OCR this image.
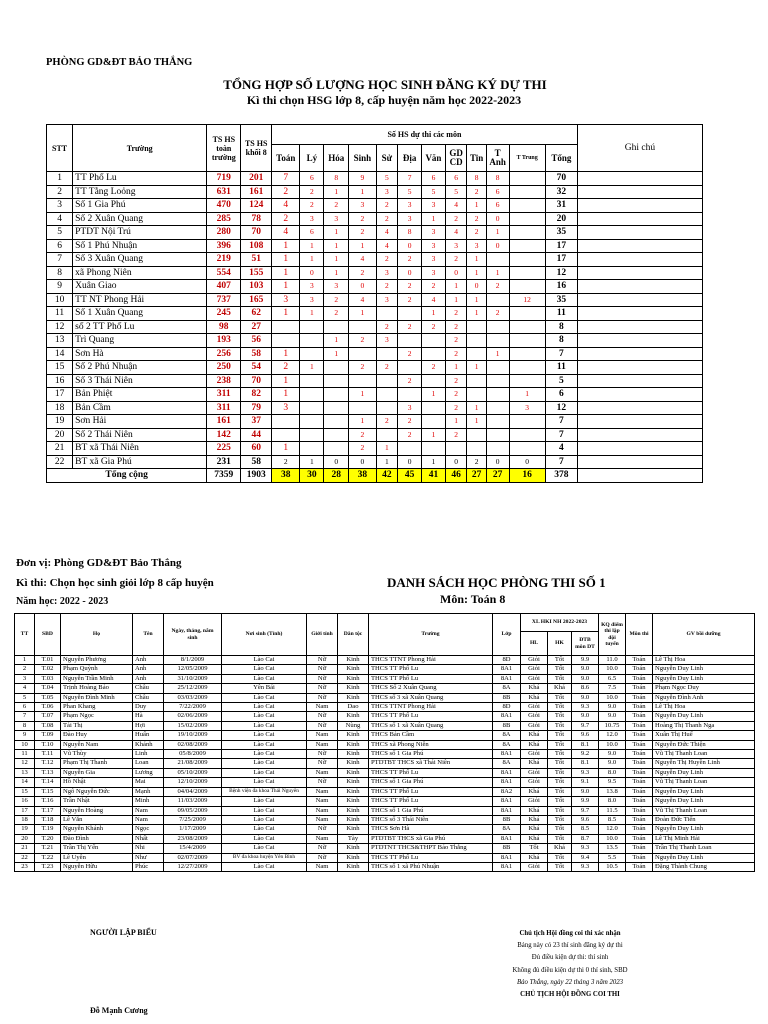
PHÒNG GD&ĐT BẢO THẮNG
TỔNG HỢP SỐ LƯỢNG HỌC SINH ĐĂNG KÝ DỰ THI
Kì thi chọn HSG lớp 8, cấp huyện năm học 2022-2023
STT	Trường	TS HS toàn trường	TS HS khối 8	Số HS dự thi các môn												Ghi chú
				Toán	Lý	Hóa	Sinh	Sử	Địa	Văn	GD CD	Tin	T Anh	T Trung	Tổng	
1	TT Phố Lu	719	201	7	6	8	9	5	7	6	6	8	8		70	
2	TT Tằng Loỏng	631	161	2	2	1	1	3	5	5	5	2	6		32	
3	Số 1 Gia Phú	470	124	4	2	2	3	2	3	3	4	1	6		31	
4	Số 2 Xuân Quang	285	78	2	3	3	2	2	3	1	2	2	0		20	
5	PTDT Nội Trú	280	70	4	6	1	2	4	8	3	4	2	1		35	
6	Số 1 Phú Nhuận	396	108	1	1	1	1	4	0	3	3	3	0		17	
7	Số 3 Xuân Quang	219	51	1	1	1	4	2	2	3	2	1			17	
8	xã Phong Niên	554	155	1	0	1	2	3	0	3	0	1	1		12	
9	Xuân Giao	407	103	1	3	3	0	2	2	2	1	0	2		16	
10	TT NT Phong Hải	737	165	3	3	2	4	3	2	4	1	1		12	35	
11	Số 1 Xuân Quang	245	62	1	1	2	1			1	2	1	2		11	
12	số 2 TT Phố Lu	98	27					2	2	2	2				8	
13	Trì Quang	193	56			1	2	3			2				8	
14	Sơn Hà	256	58	1		1			2		2		1		7	
15	Số 2 Phú Nhuận	250	54	2	1		2	2		2	1	1			11	
16	Số 3 Thái Niên	238	70	1					2		2				5	
17	Bản Phiệt	311	82	1			1			1	2			1	6	
18	Bản Cầm	311	79	3					3		2	1		3	12	
19	Sơn Hải	161	37				1	2	2		1	1			7	
20	Số 2 Thái Niên	142	44				2		2	1	2				7	
21	BT xã Thái Niên	225	60	1			2	1							4	
22	BT xã Gia Phú	231	58	2	1	0	0	1	0	1	0	2	0	0	7	
Tổng cộng		7359	1903	38	30	28	38	42	45	41	46	27	27	16	378	
Đơn vị: Phòng GD&ĐT Bảo Thắng
Kì thi: Chọn học sinh giỏi lớp 8 cấp huyện
Năm học: 2022 - 2023
DANH SÁCH HỌC PHÒNG THI SỐ 1
Môn: Toán 8
TT	SBD	Họ	Tên	Ngày, tháng, năm sinh	Nơi sinh (Tỉnh)	Giới tính	Dân tộc	Trường	Lớp	XL HKI NH 2022-2023			KQ điểm thi lập đội tuyển	Môn thi	GV bồi dưỡng
										HL	HK	ĐTB môn DT			
1	T.01	Nguyễn Phương	Anh	8/1/2009	Lào Cai	Nữ	Kinh	THCS TTNT Phong Hải	8D	Giỏi	Tốt	9.9	11.0	Toán	Lê Thị Hoa
2	T.02	Phạm Quỳnh	Anh	12/05/2009	Lào Cai	Nữ	Kinh	THCS TT Phố Lu	8A1	Giỏi	Tốt	9.0	10.0	Toán	Nguyễn Duy Linh
3	T.03	Nguyễn Trần Minh	Anh	31/10/2009	Lào Cai	Nữ	Kinh	THCS TT Phố Lu	8A1	Giỏi	Tốt	9.0	6.5	Toán	Nguyễn Duy Linh
4	T.04	Trịnh Hoàng Bảo	Châu	25/12/2009	Yên Bái	Nữ	Kinh	THCS Số 2 Xuân Quang	8A	Khá	Khá	8.6	7.5	Toán	Phạm Ngọc Duy
5	T.05	Nguyễn Đình Minh	Châu	03/03/2009	Lào Cai	Nữ	Kinh	THCS số 3 xã Xuân Quang	8B	Khá	Tốt	9.0	10.0	Toán	Nguyễn Đình Anh
6	T.06	Phan Khang	Duy	7/22/2009	Lào Cai	Nam	Dao	THCS TTNT Phong Hải	8D	Giỏi	Tốt	9.3	9.0	Toán	Lê Thị Hoa
7	T.07	Phạm Ngọc	Hà	02/06/2009	Lào Cai	Nữ	Kinh	THCS TT Phố Lu	8A1	Giỏi	Tốt	9.0	9.0	Toán	Nguyễn Duy Linh
8	T.08	Tải Thị	Hợi	15/02/2009	Lào Cai	Nữ	Nùng	THCS số 1 xã Xuân Quang	8B	Giỏi	Tốt	9.7	10.75	Toán	Hoàng Thị Thanh Nga
9	T.09	Đào Huy	Huấn	19/10/2009	Lào Cai	Nam	Kinh	THCS Bản Cầm	8A	Khá	Tốt	9.6	12.0	Toán	Xuân Thị Huế
10	T.10	Nguyễn Nam	Khánh	02/08/2009	Lào Cai	Nam	Kinh	THCS xã Phong Niên	8A	Khá	Tốt	8.1	10.0	Toán	Nguyễn Đức Thiện
11	T.11	Vũ Thùy	Linh	05/8/2009	Lào Cai	Nữ	Kinh	THCS số 1 Gia Phú	8A1	Giỏi	Tốt	9.2	9.0	Toán	Vũ Thị Thanh Loan
12	T.12	Phạm Thị Thanh	Loan	21/08/2009	Lào Cai	Nữ	Kinh	PTDTBT THCS xã Thái Niên	8A	Khá	Tốt	8.1	9.0	Toán	Nguyễn Thị Huyền Linh
13	T.13	Nguyễn Gia	Lương	05/10/2009	Lào Cai	Nam	Kinh	THCS TT Phố Lu	8A1	Giỏi	Tốt	9.3	8.0	Toán	Nguyễn Duy Linh
14	T.14	Hồ Nhật	Mai	12/10/2009	Lào Cai	Nữ	Kinh	THCS số 1 Gia Phú	8A1	Giỏi	Tốt	9.1	9.5	Toán	Vũ Thị Thanh Loan
15	T.15	Ngô Nguyễn Đức	Mạnh	04/04/2009	Bệnh viện đa khoa Thái Nguyên	Nam	Kinh	THCS TT Phố Lu	8A2	Khá	Tốt	9.0	13.8	Toán	Nguyễn Duy Linh
16	T.16	Trần Nhật	Minh	11/03/2009	Lào Cai	Nam	Kinh	THCS TT Phố Lu	8A1	Giỏi	Tốt	9.9	8.0	Toán	Nguyễn Duy Linh
17	T.17	Nguyễn Hoàng	Nam	09/05/2009	Lào Cai	Nam	Kinh	THCS số 1 Gia Phú	8A1	Khá	Tốt	9.7	11.5	Toán	Vũ Thị Thanh Loan
18	T.18	Lê Văn	Nam	7/25/2009	Lào Cai	Nam	Kinh	THCS số 3 Thái Niên	8B	Khá	Tốt	9.6	8.5	Toán	Đoàn Đức Tiến
19	T.19	Nguyễn Khánh	Ngọc	1/17/2009	Lào Cai	Nữ	Kinh	THCS Sơn Hà	8A	Khá	Tốt	8.5	12.0	Toán	Nguyễn Duy Linh
20	T.20	Đào Đình	Nhất	23/08/2009	Lào Cai	Nam	Tày	PTDTBT THCS xã Gia Phú	8A1	Khá	Tốt	8.7	10.0	Toán	Lê Thị Minh Hải
21	T.21	Trần Thị Yến	Nhi	15/4/2009	Lào Cai	Nữ	Kinh	PTDTNT THCS&THPT Bảo Thắng	8B	Tốt	Khá	9.3	13.5	Toán	Trần Thị Thanh Loan
22	T.22	Lê Uyên	Như	02/07/2009	BV đa khoa huyện Yên Bình	Nữ	Kinh	THCS TT Phố Lu	8A1	Khá	Tốt	9.4	5.5	Toán	Nguyễn Duy Linh
23	T.23	Nguyễn Hữu	Phúc	12/27/2009	Lào Cai	Nam	Kinh	THCS số 1 xã Phú Nhuận	8A1	Giỏi	Tốt	9.3	10.5	Toán	Đặng Thành Chung
NGƯỜI LẬP BIỂU
Đỗ Mạnh Cương
Chủ tịch Hội đồng coi thi xác nhận
Bảng này có 23 thí sinh đăng ký dự thi
Đủ điều kiện dự thi: thí sinh
Không đủ điều kiện dự thi 0 thí sinh, SBD
Bảo Thắng, ngày 22 tháng 3 năm 2023
CHỦ TỊCH HỘI ĐỒNG COI THI
